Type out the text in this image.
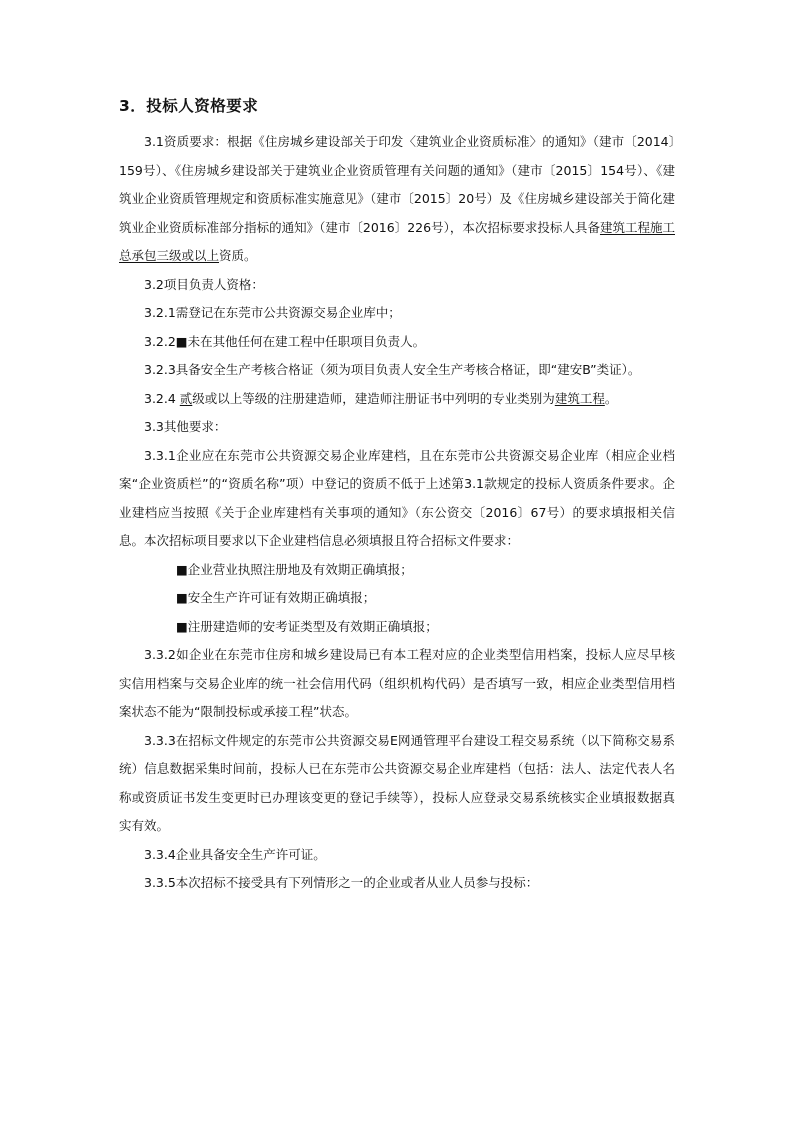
3．投标人资格要求

3.1资质要求：根据《住房城乡建设部关于印发〈建筑业企业资质标准〉的通知》（建市〔2014〕159号）、《住房城乡建设部关于建筑业企业资质管理有关问题的通知》（建市〔2015〕154号）、《建筑业企业资质管理规定和资质标准实施意见》（建市〔2015〕20号）及《住房城乡建设部关于简化建筑业企业资质标准部分指标的通知》（建市〔2016〕226号），本次招标要求投标人具备建筑工程施工总承包三级或以上资质。

3.2项目负责人资格：

3.2.1需登记在东莞市公共资源交易企业库中；

3.2.2■未在其他任何在建工程中任职项目负责人。

3.2.3具备安全生产考核合格证（须为项目负责人安全生产考核合格证，即“建安B”类证）。

3.2.4 贰级或以上等级的注册建造师，建造师注册证书中列明的专业类别为建筑工程。

3.3其他要求：

3.3.1企业应在东莞市公共资源交易企业库建档，且在东莞市公共资源交易企业库（相应企业档案“企业资质栏”的“资质名称”项）中登记的资质不低于上述第3.1款规定的投标人资质条件要求。企业建档应当按照《关于企业库建档有关事项的通知》（东公资交〔2016〕67号）的要求填报相关信息。本次招标项目要求以下企业建档信息必须填报且符合招标文件要求：

■企业营业执照注册地及有效期正确填报；

■安全生产许可证有效期正确填报；

■注册建造师的安考证类型及有效期正确填报；

3.3.2如企业在东莞市住房和城乡建设局已有本工程对应的企业类型信用档案，投标人应尽早核实信用档案与交易企业库的统一社会信用代码（组织机构代码）是否填写一致，相应企业类型信用档案状态不能为“限制投标或承接工程”状态。

3.3.3在招标文件规定的东莞市公共资源交易E网通管理平台建设工程交易系统（以下简称交易系统）信息数据采集时间前，投标人已在东莞市公共资源交易企业库建档（包括：法人、法定代表人名称或资质证书发生变更时已办理该变更的登记手续等），投标人应登录交易系统核实企业填报数据真实有效。

3.3.4企业具备安全生产许可证。

3.3.5本次招标不接受具有下列情形之一的企业或者从业人员参与投标：
